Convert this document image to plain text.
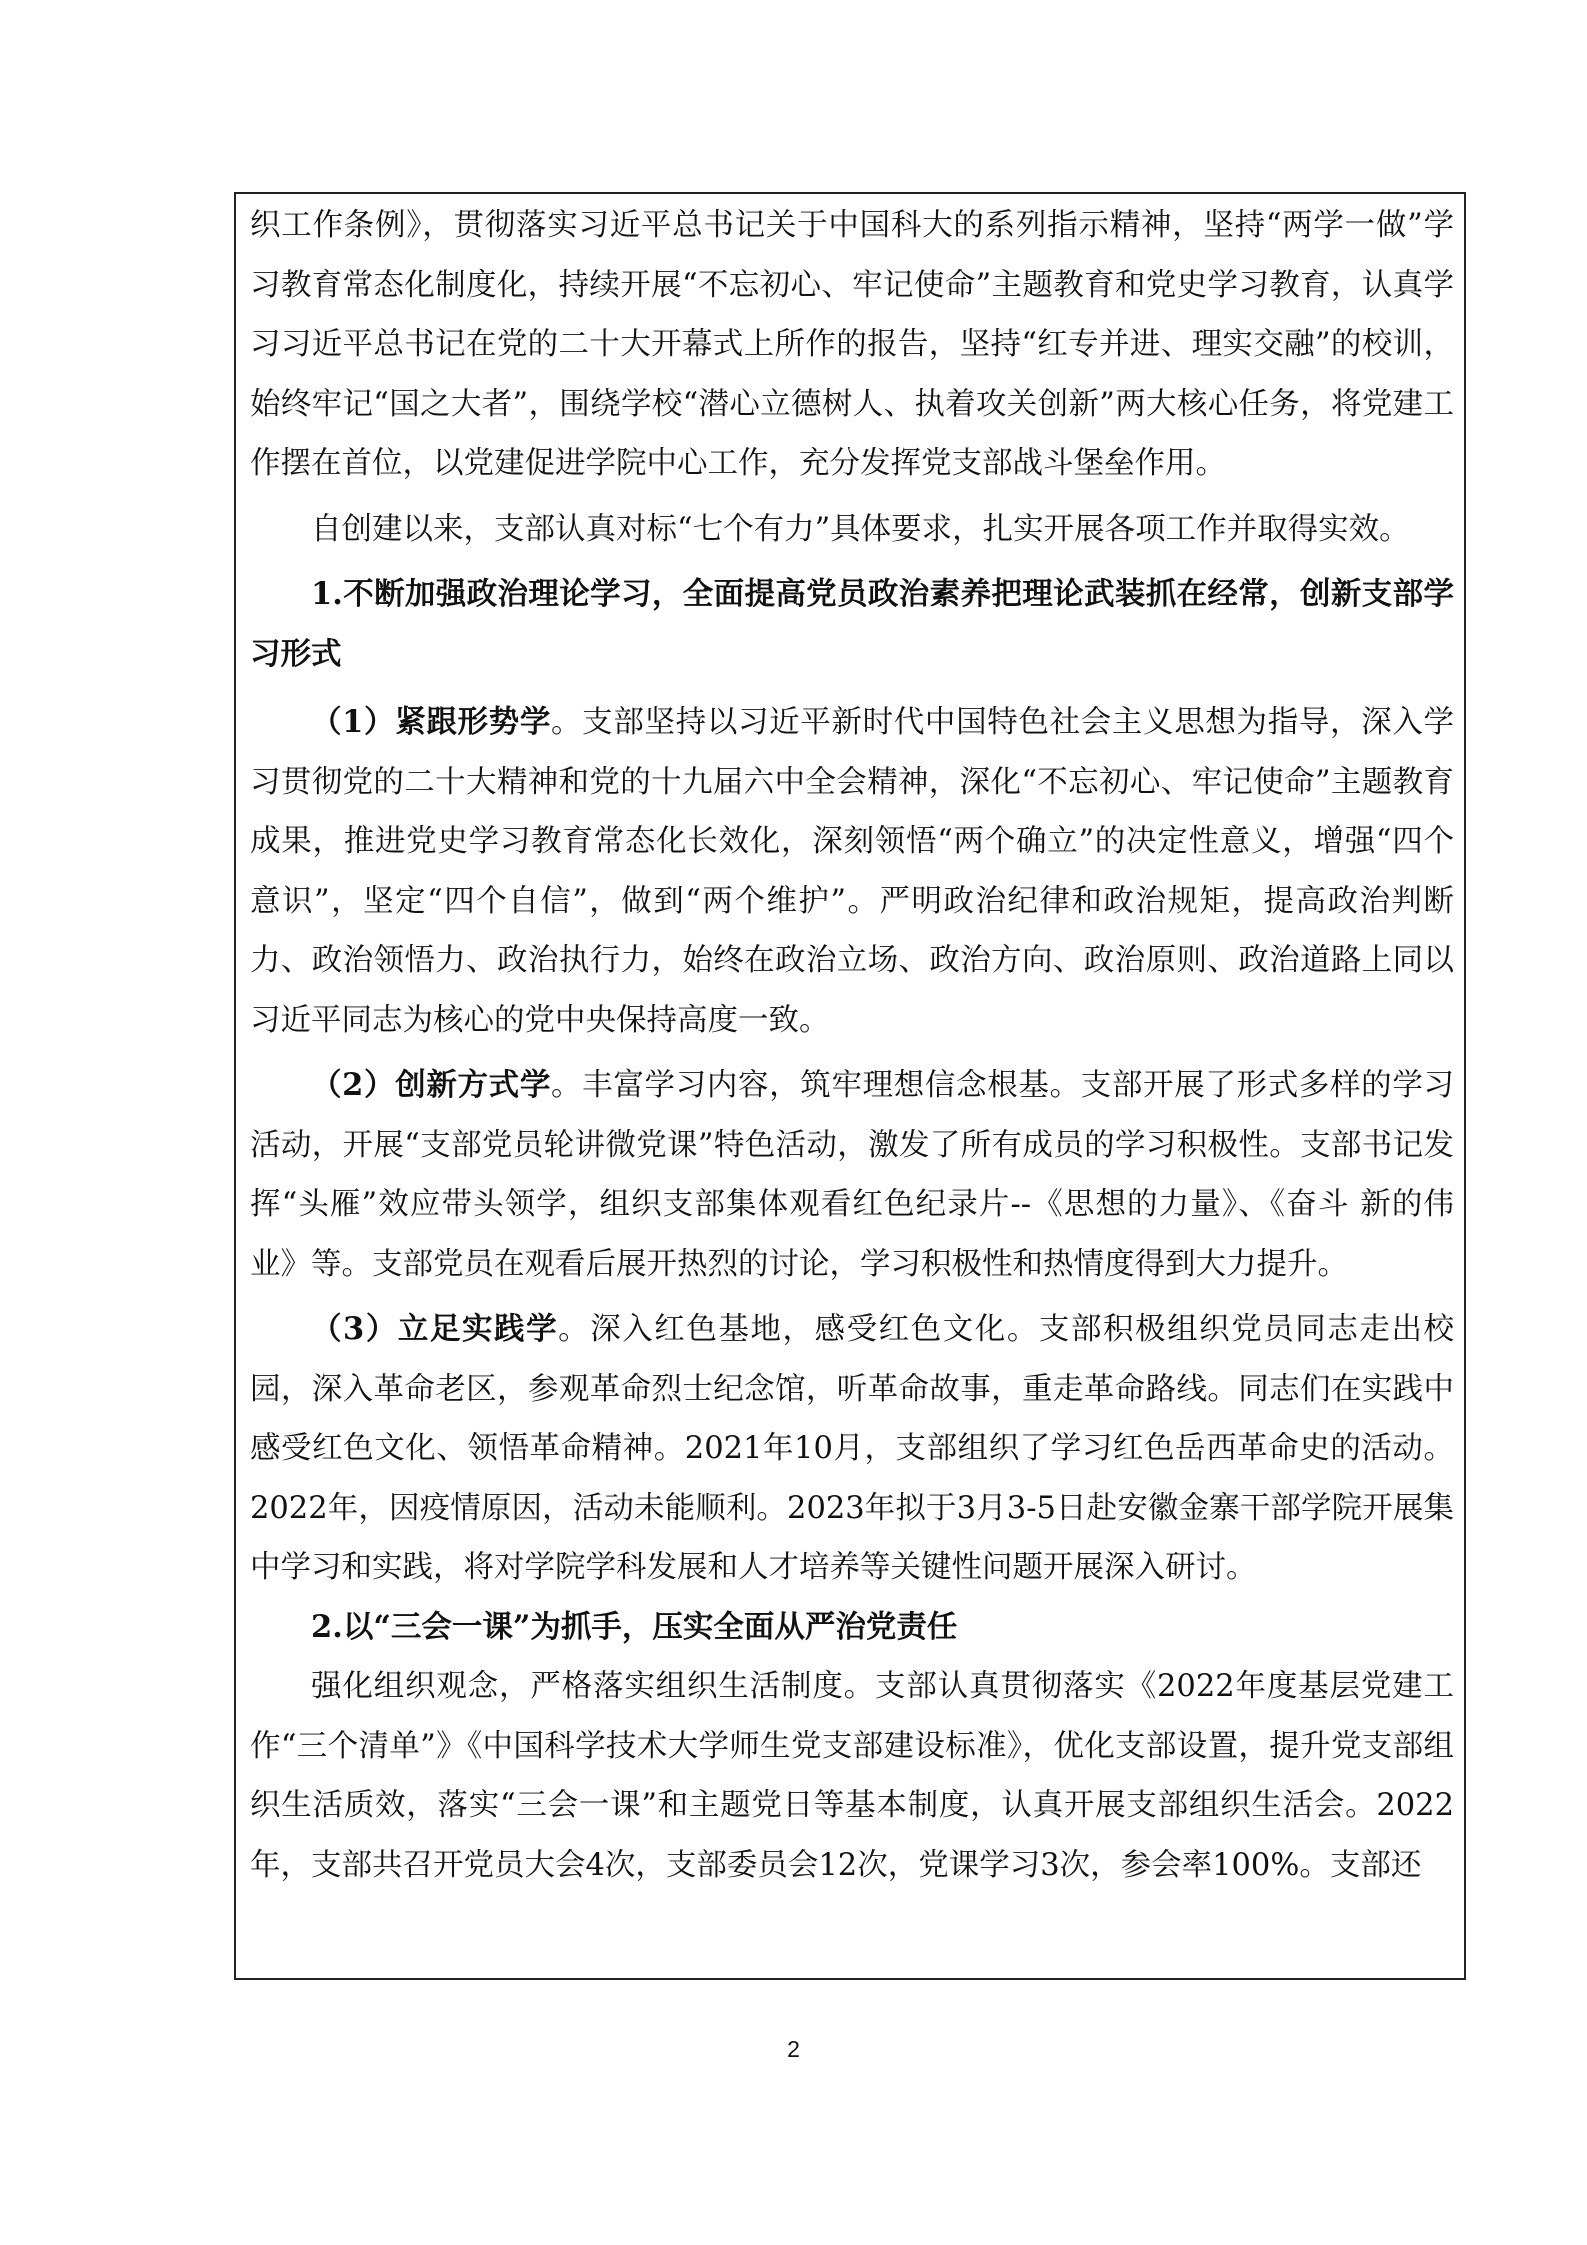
织工作条例》，贯彻落实习近平总书记关于中国科大的系列指示精神，坚持“两学一做”学习教育常态化制度化，持续开展“不忘初心、牢记使命”主题教育和党史学习教育，认真学习习近平总书记在党的二十大开幕式上所作的报告，坚持“红专并进、理实交融”的校训，始终牢记“国之大者”，围绕学校“潜心立德树人、执着攻关创新”两大核心任务，将党建工作摆在首位，以党建促进学院中心工作，充分发挥党支部战斗堡垒作用。

自创建以来，支部认真对标“七个有力”具体要求，扎实开展各项工作并取得实效。

1.不断加强政治理论学习，全面提高党员政治素养把理论武装抓在经常，创新支部学习形式

（1）紧跟形势学。支部坚持以习近平新时代中国特色社会主义思想为指导，深入学习贯彻党的二十大精神和党的十九届六中全会精神，深化“不忘初心、牢记使命”主题教育成果，推进党史学习教育常态化长效化，深刻领悟“两个确立”的决定性意义，增强“四个意识”，坚定“四个自信”，做到“两个维护”。严明政治纪律和政治规矩，提高政治判断力、政治领悟力、政治执行力，始终在政治立场、政治方向、政治原则、政治道路上同以习近平同志为核心的党中央保持高度一致。

（2）创新方式学。丰富学习内容，筑牢理想信念根基。支部开展了形式多样的学习活动，开展“支部党员轮讲微党课”特色活动，激发了所有成员的学习积极性。支部书记发挥“头雁”效应带头领学，组织支部集体观看红色纪录片--《思想的力量》、《奋斗 新的伟业》等。支部党员在观看后展开热烈的讨论，学习积极性和热情度得到大力提升。

（3）立足实践学。深入红色基地，感受红色文化。支部积极组织党员同志走出校园，深入革命老区，参观革命烈士纪念馆，听革命故事，重走革命路线。同志们在实践中感受红色文化、领悟革命精神。2021年10月，支部组织了学习红色岳西革命史的活动。2022年，因疫情原因，活动未能顺利。2023年拟于3月3-5日赴安徽金寨干部学院开展集中学习和实践，将对学院学科发展和人才培养等关键性问题开展深入研讨。

2.以“三会一课”为抓手，压实全面从严治党责任

强化组织观念，严格落实组织生活制度。支部认真贯彻落实《2022年度基层党建工作“三个清单”》《中国科学技术大学师生党支部建设标准》，优化支部设置，提升党支部组织生活质效，落实“三会一课”和主题党日等基本制度，认真开展支部组织生活会。2022年，支部共召开党员大会4次，支部委员会12次，党课学习3次，参会率100%。支部还

2
